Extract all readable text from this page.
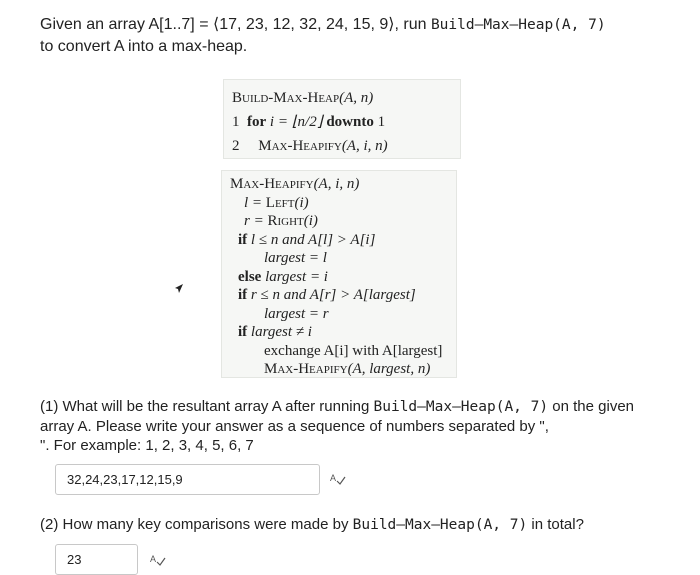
Given an array A[1..7] = ⟨17, 23, 12, 32, 24, 15, 9⟩, run Build–Max–Heap(A, 7)
to convert A into a max-heap.
Build-Max-Heap(A, n)
1 for i = ⌊n/2⌋ downto 1
2 Max-Heapify(A, i, n)
Max-Heapify(A, i, n)
l = Left(i)
r = Right(i)
if l ≤ n and A[l] > A[i]
largest = l
else largest = i
if r ≤ n and A[r] > A[largest]
largest = r
if largest ≠ i
exchange A[i] with A[largest]
Max-Heapify(A, largest, n)
(1) What will be the resultant array A after running Build–Max–Heap(A, 7) on the given array A. Please write your answer as a sequence of numbers separated by ",
". For example: 1, 2, 3, 4, 5, 6, 7
32,24,23,17,12,15,9	A
(2) How many key comparisons were made by Build–Max–Heap(A, 7) in total?
23	A
